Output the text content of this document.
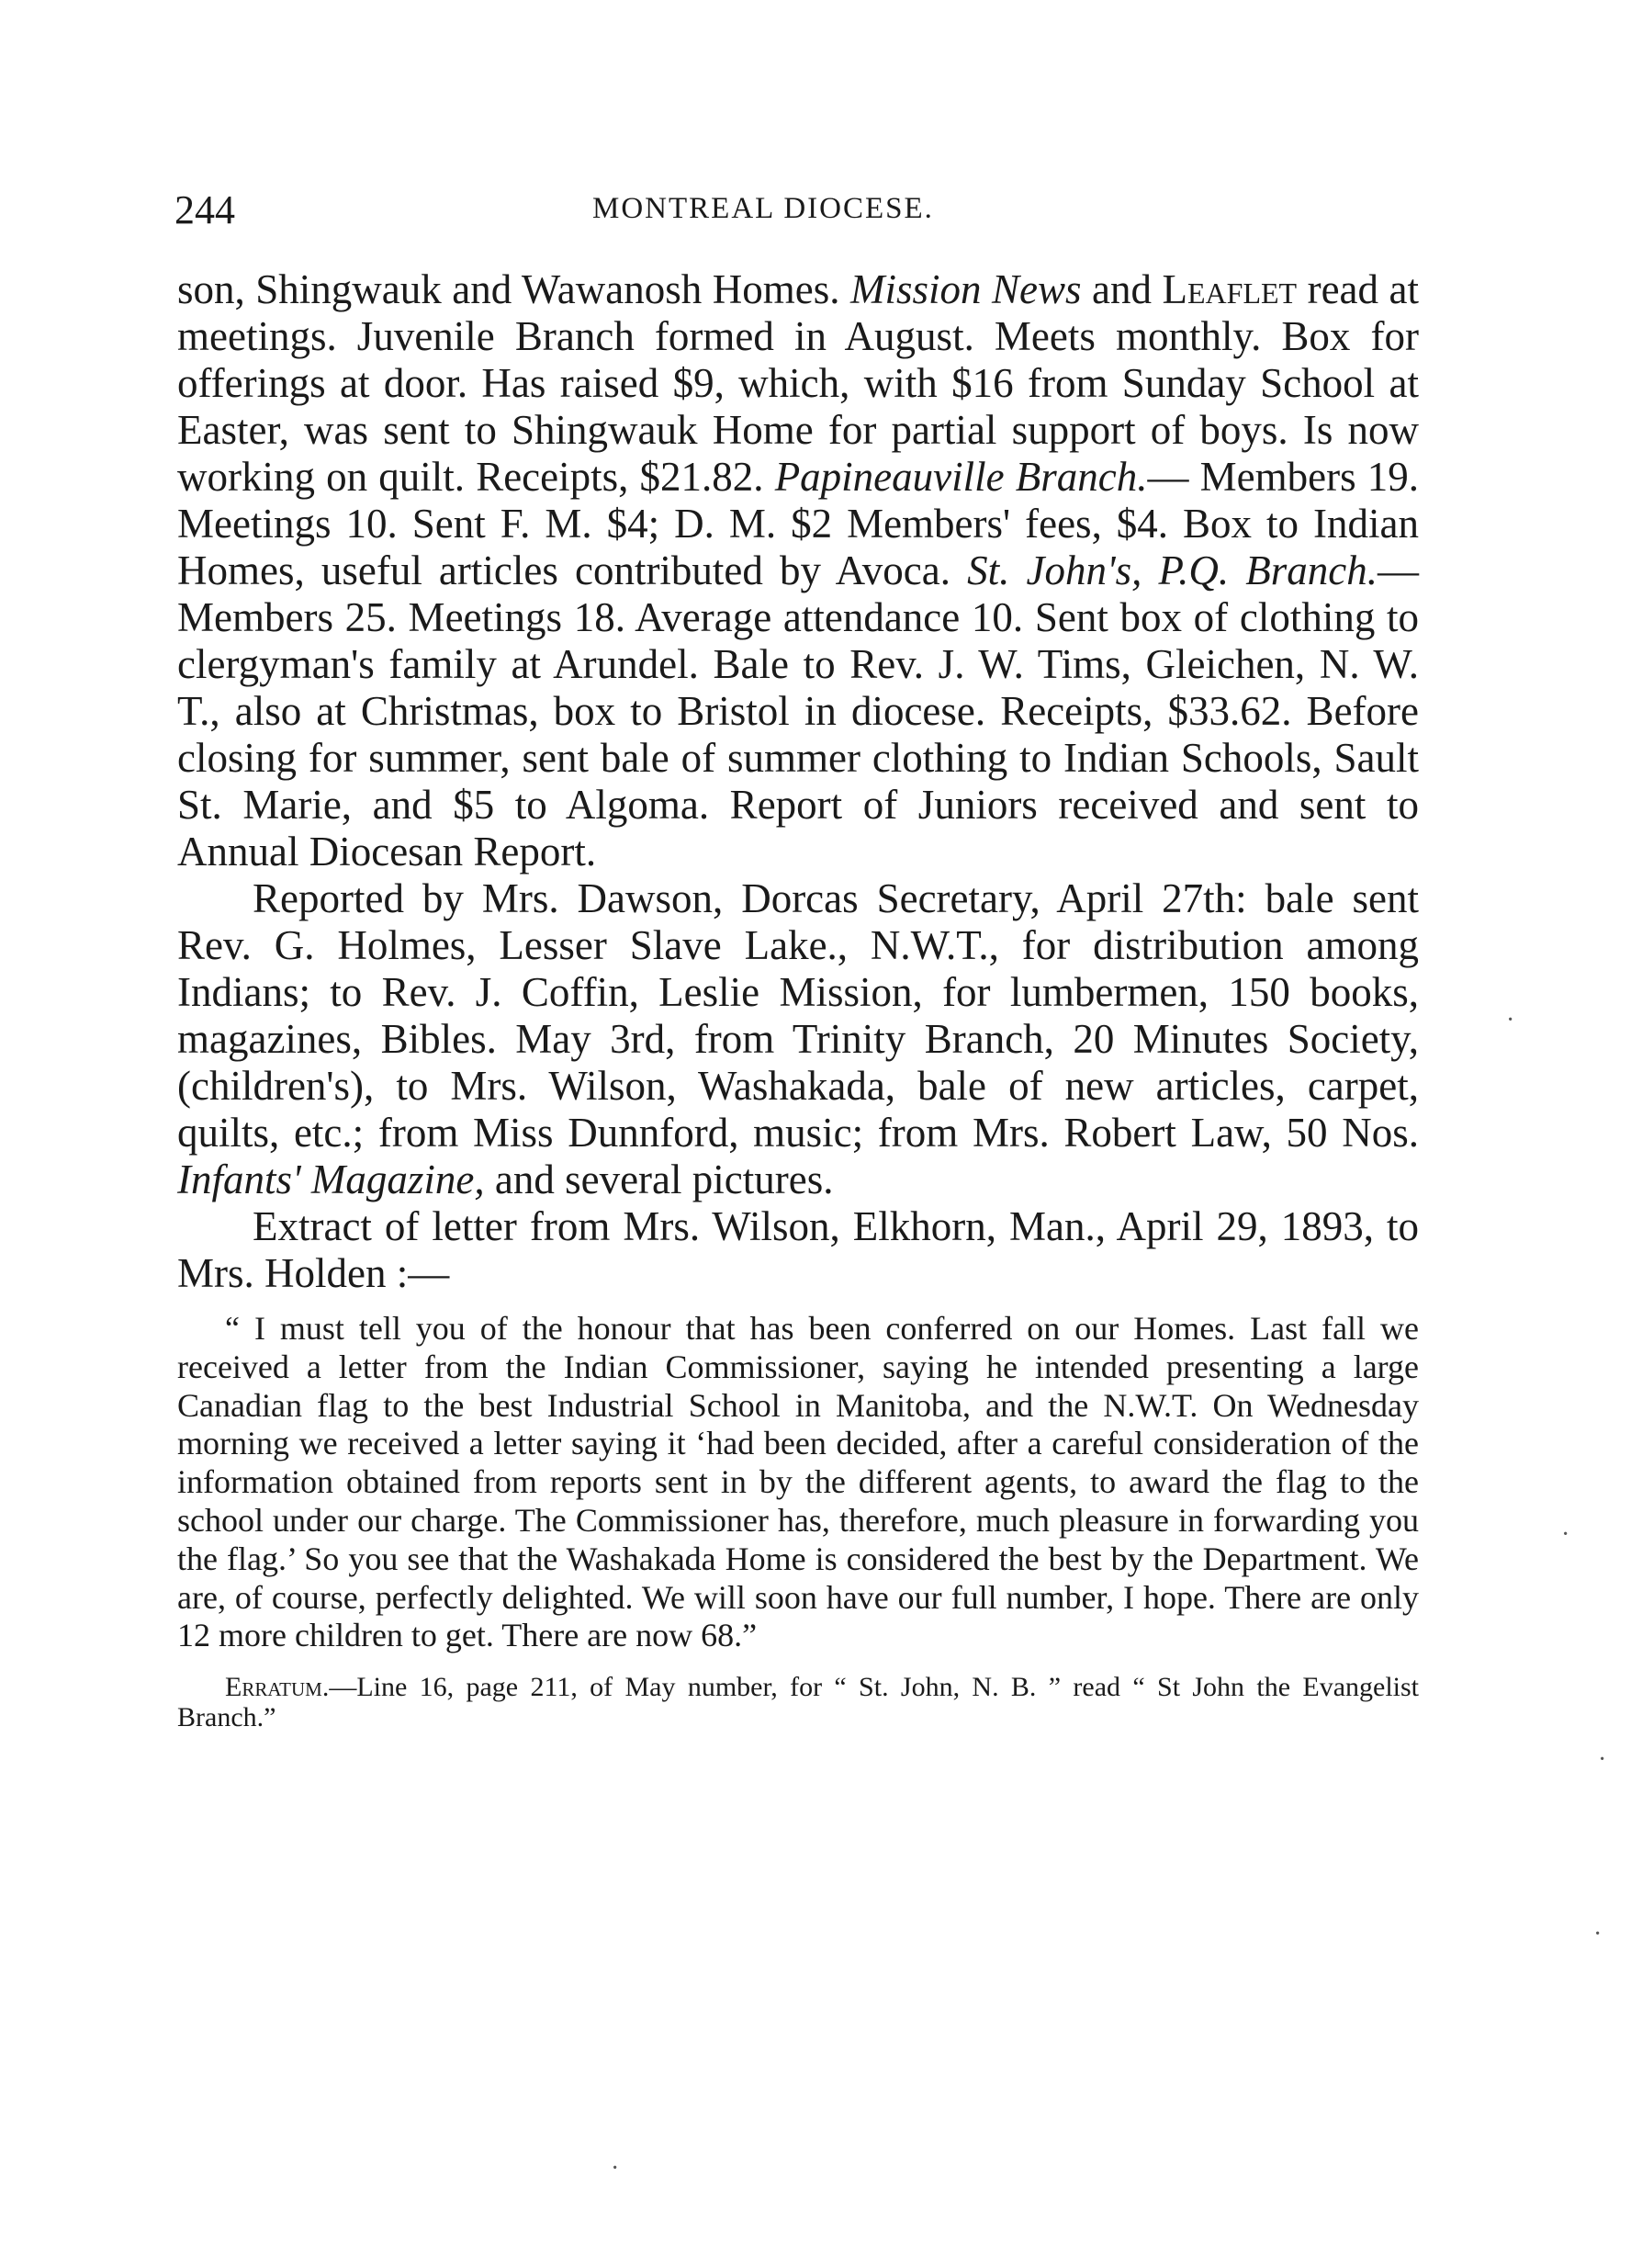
244	MONTREAL DIOCESE.

son, Shingwauk and Wawanosh Homes. Mission News and Leaflet read at meetings. Juvenile Branch formed in August. Meets monthly. Box for offerings at door. Has raised $9, which, with $16 from Sunday School at Easter, was sent to Shingwauk Home for partial support of boys. Is now working on quilt. Receipts, $21.82. Papineauville Branch.— Members 19. Meetings 10. Sent F. M. $4; D. M. $2 Members' fees, $4. Box to Indian Homes, useful articles contributed by Avoca. St. John's, P.Q. Branch.—Members 25. Meetings 18. Average attendance 10. Sent box of clothing to clergyman's family at Arundel. Bale to Rev. J. W. Tims, Gleichen, N. W. T., also at Christmas, box to Bristol in diocese. Receipts, $33.62. Before closing for summer, sent bale of summer clothing to Indian Schools, Sault St. Marie, and $5 to Algoma. Report of Juniors received and sent to Annual Diocesan Report.

Reported by Mrs. Dawson, Dorcas Secretary, April 27th: bale sent Rev. G. Holmes, Lesser Slave Lake., N.W.T., for distribution among Indians; to Rev. J. Coffin, Leslie Mission, for lumbermen, 150 books, magazines, Bibles. May 3rd, from Trinity Branch, 20 Minutes Society, (children's), to Mrs. Wilson, Washakada, bale of new articles, carpet, quilts, etc.; from Miss Dunnford, music; from Mrs. Robert Law, 50 Nos. Infants' Magazine, and several pictures.

Extract of letter from Mrs. Wilson, Elkhorn, Man., April 29, 1893, to Mrs. Holden :—

“ I must tell you of the honour that has been conferred on our Homes. Last fall we received a letter from the Indian Commissioner, saying he intended presenting a large Canadian flag to the best Industrial School in Manitoba, and the N.W.T. On Wednesday morning we received a letter saying it ‘had been decided, after a careful consideration of the information obtained from reports sent in by the different agents, to award the flag to the school under our charge. The Commissioner has, therefore, much pleasure in forwarding you the flag.’ So you see that the Washakada Home is considered the best by the Department. We are, of course, perfectly delighted. We will soon have our full number, I hope. There are only 12 more children to get. There are now 68.”

Erratum.—Line 16, page 211, of May number, for “ St. John, N. B. ” read “ St John the Evangelist Branch.”

·
·
·
·
·
